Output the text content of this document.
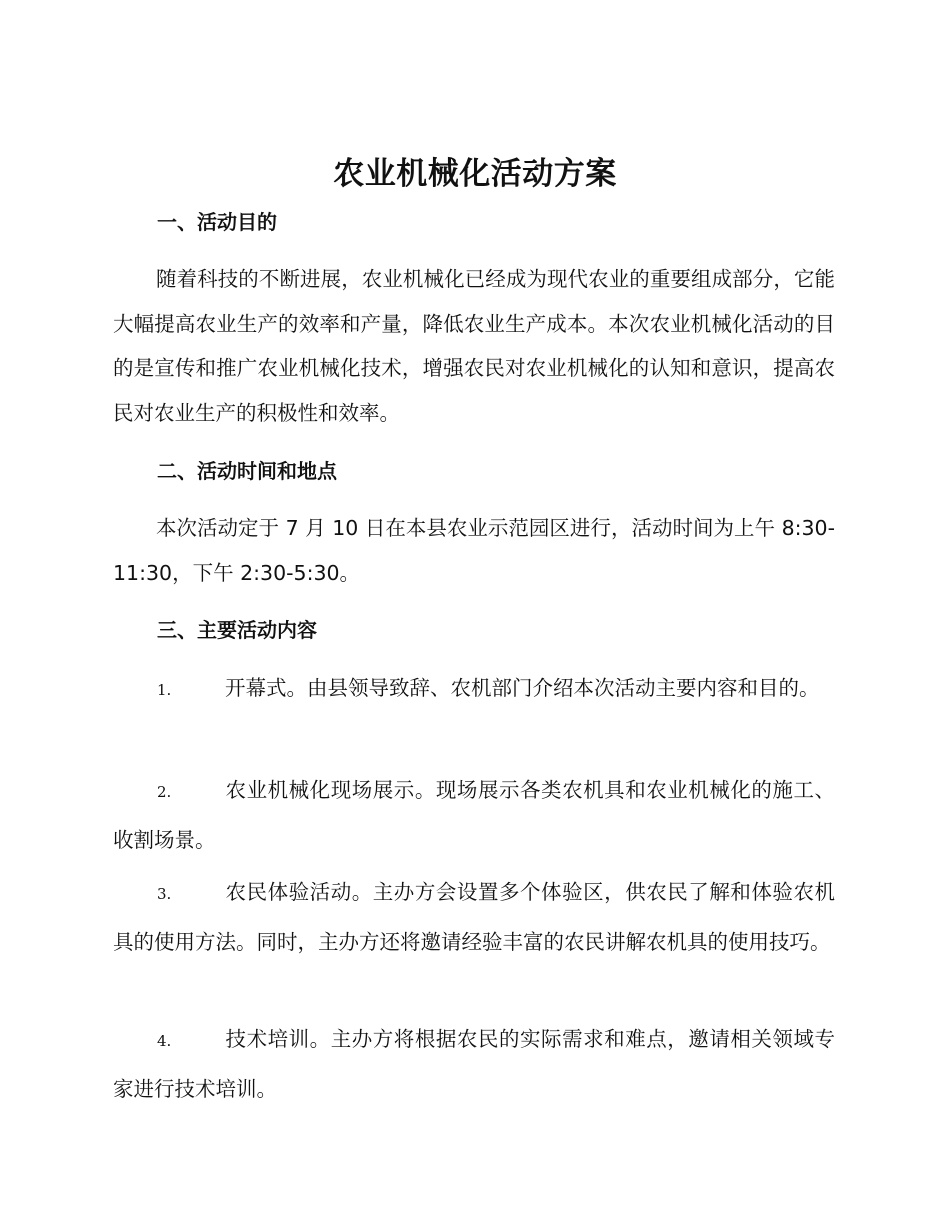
农业机械化活动方案
一、活动目的

随着科技的不断进展，农业机械化已经成为现代农业的重要组成部分，它能大幅提高农业生产的效率和产量，降低农业生产成本。本次农业机械化活动的目的是宣传和推广农业机械化技术，增强农民对农业机械化的认知和意识，提高农民对农业生产的积极性和效率。

二、活动时间和地点

本次活动定于 7 月 10 日在本县农业示范园区进行，活动时间为上午 8:30-11:30，下午 2:30-5:30。

三、主要活动内容

1.	开幕式。由县领导致辞、农机部门介绍本次活动主要内容和目的。

2.	农业机械化现场展示。现场展示各类农机具和农业机械化的施工、收割场景。

3.	农民体验活动。主办方会设置多个体验区，供农民了解和体验农机具的使用方法。同时，主办方还将邀请经验丰富的农民讲解农机具的使用技巧。

4.	技术培训。主办方将根据农民的实际需求和难点，邀请相关领域专家进行技术培训。
